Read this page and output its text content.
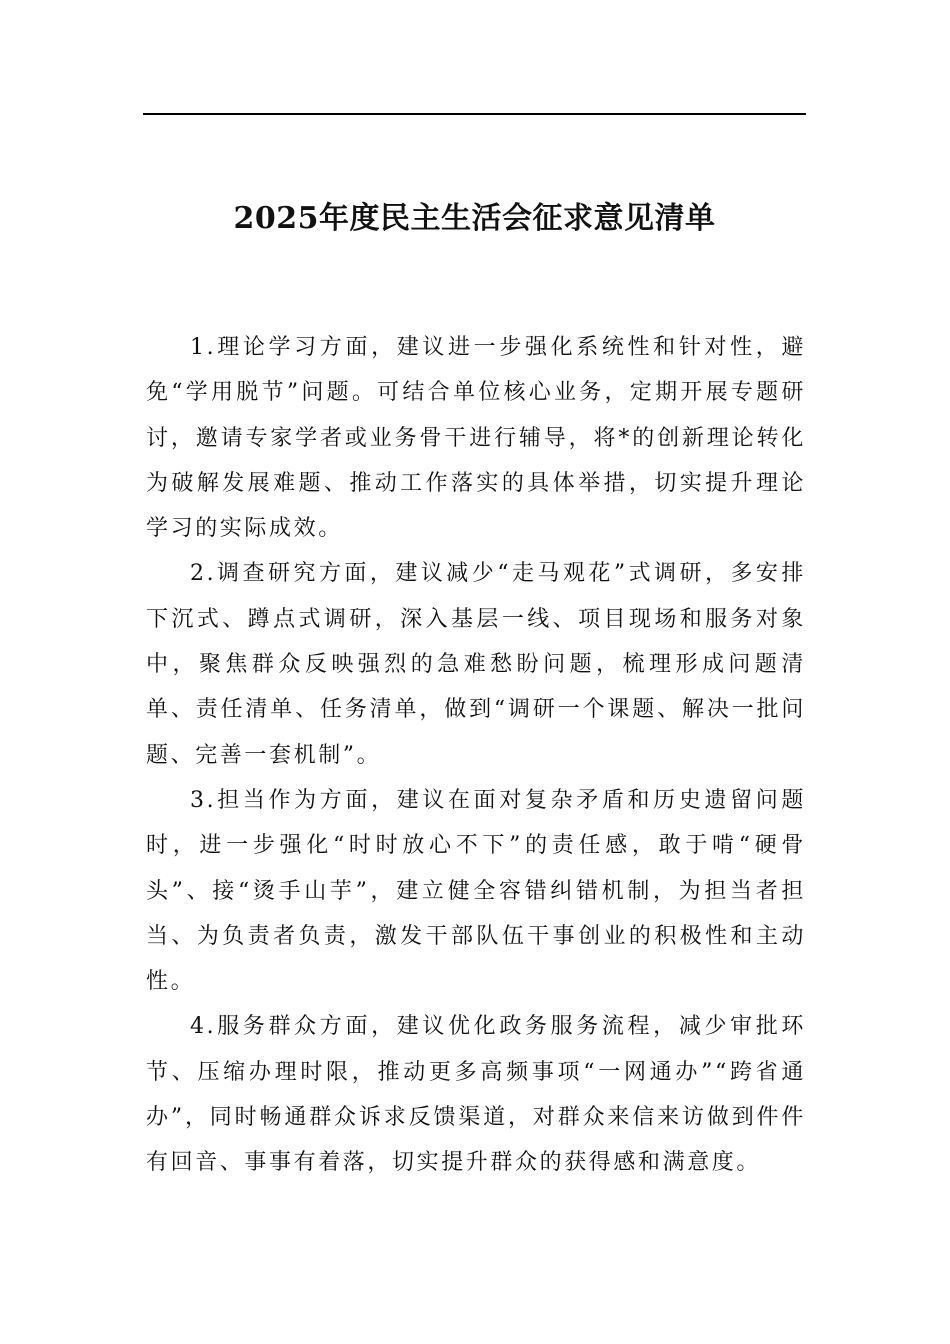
2025年度民主生活会征求意见清单

1.理论学习方面，建议进一步强化系统性和针对性，避免“学用脱节”问题。可结合单位核心业务，定期开展专题研讨，邀请专家学者或业务骨干进行辅导，将*的创新理论转化为破解发展难题、推动工作落实的具体举措，切实提升理论学习的实际成效。

2.调查研究方面，建议减少“走马观花”式调研，多安排下沉式、蹲点式调研，深入基层一线、项目现场和服务对象中，聚焦群众反映强烈的急难愁盼问题，梳理形成问题清单、责任清单、任务清单，做到“调研一个课题、解决一批问题、完善一套机制”。

3.担当作为方面，建议在面对复杂矛盾和历史遗留问题时，进一步强化“时时放心不下”的责任感，敢于啃“硬骨头”、接“烫手山芋”，建立健全容错纠错机制，为担当者担当、为负责者负责，激发干部队伍干事创业的积极性和主动性。

4.服务群众方面，建议优化政务服务流程，减少审批环节、压缩办理时限，推动更多高频事项“一网通办”“跨省通办”，同时畅通群众诉求反馈渠道，对群众来信来访做到件件有回音、事事有着落，切实提升群众的获得感和满意度。
